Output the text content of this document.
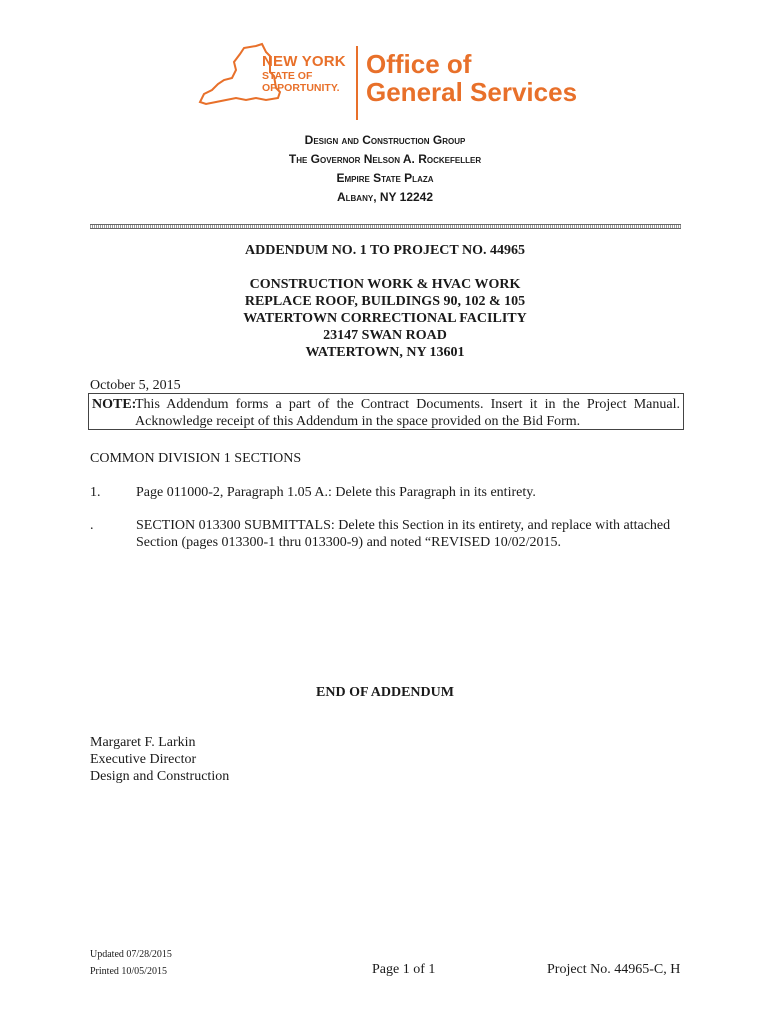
NEW YORK
STATE OF
OPPORTUNITY.
Office of
General Services
Design and Construction Group
The Governor Nelson A. Rockefeller
Empire State Plaza
Albany, NY 12242
ADDENDUM NO. 1 TO PROJECT NO. 44965
CONSTRUCTION WORK & HVAC WORK
REPLACE ROOF, BUILDINGS 90, 102 & 105
WATERTOWN CORRECTIONAL FACILITY
23147 SWAN ROAD
WATERTOWN, NY 13601
October 5, 2015
NOTE:
This Addendum forms a part of the Contract Documents. Insert it in the Project Manual.
Acknowledge receipt of this Addendum in the space provided on the Bid Form.
COMMON DIVISION 1 SECTIONS
1.	Page 011000-2, Paragraph 1.05 A.: Delete this Paragraph in its entirety.
.	SECTION 013300 SUBMITTALS: Delete this Section in its entirety, and replace with attached
Section (pages 013300-1 thru 013300-9) and noted “REVISED 10/02/2015.
END OF ADDENDUM
Margaret F. Larkin
Executive Director
Design and Construction
Updated 07/28/2015
Printed 10/05/2015	Page 1 of 1	Project No. 44965-C, H
